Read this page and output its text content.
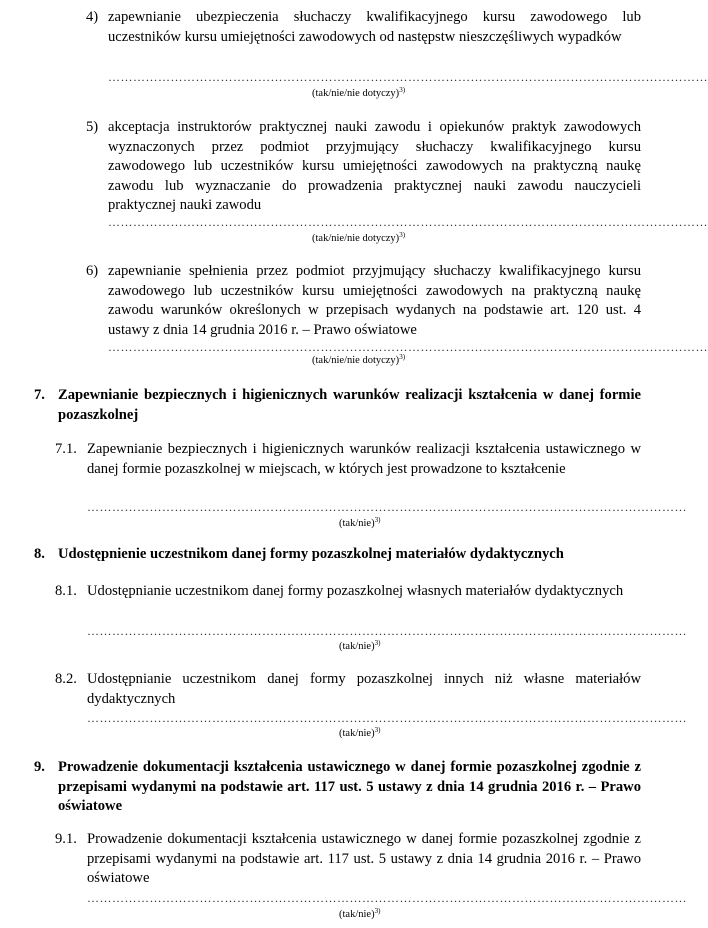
4) zapewnianie ubezpieczenia słuchaczy kwalifikacyjnego kursu zawodowego lub uczestników kursu umiejętności zawodowych od następstw nieszczęśliwych wypadków
………………………………………………………………………………………………………………………………
(tak/nie/nie dotyczy)$^{3)}$
5) akceptacja instruktorów praktycznej nauki zawodu i opiekunów praktyk zawodowych wyznaczonych przez podmiot przyjmujący słuchaczy kwalifikacyjnego kursu zawodowego lub uczestników kursu umiejętności zawodowych na praktyczną naukę zawodu lub wyznaczanie do prowadzenia praktycznej nauki zawodu nauczycieli praktycznej nauki zawodu
………………………………………………………………………………………………………………………………
(tak/nie/nie dotyczy)$^{3)}$
6) zapewnianie spełnienia przez podmiot przyjmujący słuchaczy kwalifikacyjnego kursu zawodowego lub uczestników kursu umiejętności zawodowych na praktyczną naukę zawodu warunków określonych w przepisach wydanych na podstawie art. 120 ust. 4 ustawy z dnia 14 grudnia 2016 r. – Prawo oświatowe
………………………………………………………………………………………………………………………………
(tak/nie/nie dotyczy)$^{3)}$
7. Zapewnianie bezpiecznych i higienicznych warunków realizacji kształcenia w danej formie pozaszkolnej
7.1. Zapewnianie bezpiecznych i higienicznych warunków realizacji kształcenia ustawicznego w danej formie pozaszkolnej w miejscach, w których jest prowadzone to kształcenie
………………………………………………………………………………………………………………………………
$(tak/nie)^{3)}$
8. Udostępnienie uczestnikom danej formy pozaszkolnej materiałów dydaktycznych
8.1. Udostępnianie uczestnikom danej formy pozaszkolnej własnych materiałów dydaktycznych
………………………………………………………………………………………………………………………………
$(tak/nie)^{3)}$
8.2. Udostępnianie uczestnikom danej formy pozaszkolnej innych niż własne materiałów dydaktycznych
………………………………………………………………………………………………………………………………
$(tak/nie)^{3)}$
9. Prowadzenie dokumentacji kształcenia ustawicznego w danej formie pozaszkolnej zgodnie z przepisami wydanymi na podstawie art. 117 ust. 5 ustawy z dnia 14 grudnia 2016 r. – Prawo oświatowe
9.1. Prowadzenie dokumentacji kształcenia ustawicznego w danej formie pozaszkolnej zgodnie z przepisami wydanymi na podstawie art. 117 ust. 5 ustawy z dnia 14 grudnia 2016 r. – Prawo oświatowe
………………………………………………………………………………………………………………………………
$(tak/nie)^{3)}$
